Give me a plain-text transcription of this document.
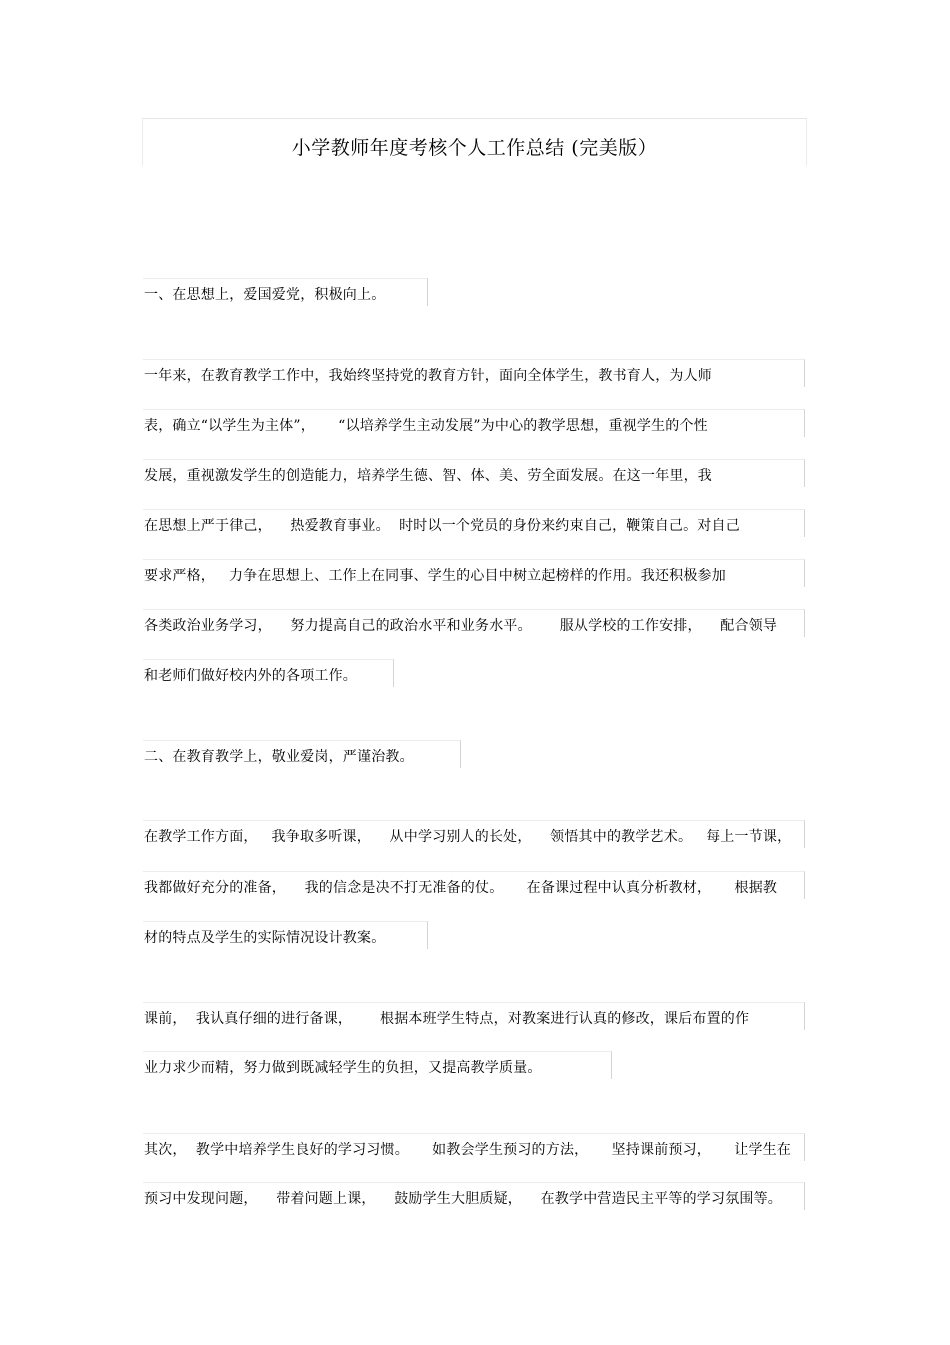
小学教师年度考核个人工作总结 (完美版）
一、在思想上，爱国爱党，积极向上。
一年来，在教育教学工作中，我始终坚持党的教育方针，面向全体学生，教书育人，为人师
表，确立“以学生为主体”，     “以培养学生主动发展”为中心的教学思想，重视学生的个性
发展，重视激发学生的创造能力，培养学生德、智、体、美、劳全面发展。在这一年里，我
在思想上严于律己，    热爱教育事业。  时时以一个党员的身份来约束自己，鞭策自己。对自己
要求严格，   力争在思想上、工作上在同事、学生的心目中树立起榜样的作用。我还积极参加
各类政治业务学习，    努力提高自己的政治水平和业务水平。      服从学校的工作安排，    配合领导
和老师们做好校内外的各项工作。
二、在教育教学上，敬业爱岗，严谨治教。
在教学工作方面，   我争取多听课，    从中学习别人的长处，    领悟其中的教学艺术。   每上一节课，
我都做好充分的准备，    我的信念是决不打无准备的仗。     在备课过程中认真分析教材，     根据教
材的特点及学生的实际情况设计教案。
课前，  我认真仔细的进行备课，      根据本班学生特点，对教案进行认真的修改，课后布置的作
业力求少而精，努力做到既减轻学生的负担，又提高教学质量。
其次，  教学中培养学生良好的学习习惯。     如教会学生预习的方法，     坚持课前预习，     让学生在
预习中发现问题，    带着问题上课，    鼓励学生大胆质疑，    在教学中营造民主平等的学习氛围等。
